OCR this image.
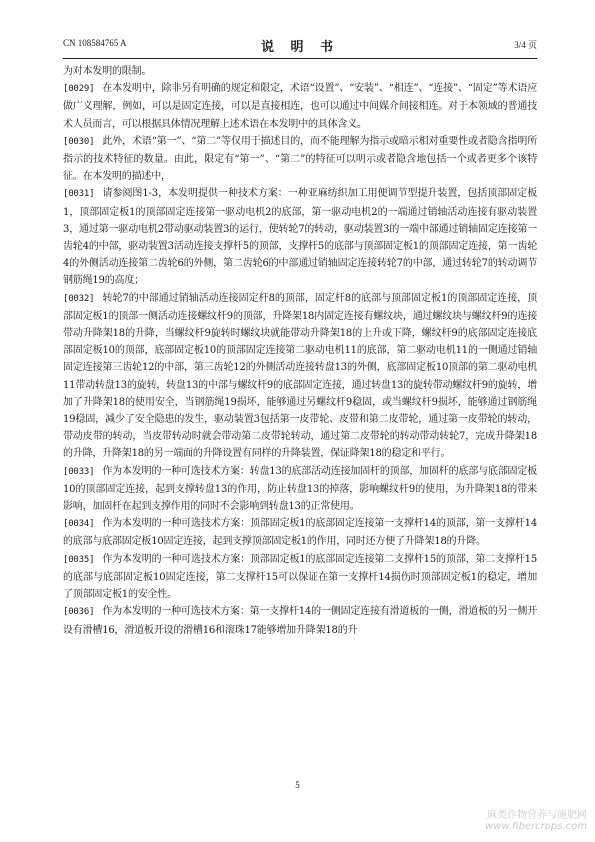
CN 108584765 A	说 明 书	3/4 页

为对本发明的限制。

[0029] 在本发明中，除非另有明确的规定和限定，术语“设置”、“安装”、“相连”、“连接”、“固定”等术语应做广义理解，例如，可以是固定连接，可以是直接相连，也可以通过中间媒介间接相连。对于本领域的普通技术人员而言，可以根据具体情况理解上述术语在本发明中的具体含义。

[0030] 此外，术语“第一”、“第二”等仅用于描述目的，而不能理解为指示或暗示相对重要性或者隐含指明所指示的技术特征的数量。由此，限定有“第一”、“第二”的特征可以明示或者隐含地包括一个或者更多个该特征。在本发明的描述中，

[0031] 请参阅图1-3，本发明提供一种技术方案：一种亚麻纺织加工用便调节型提升装置，包括顶部固定板1，顶部固定板1的顶部固定连接第一驱动电机2的底部，第一驱动电机2的一端通过销轴活动连接有驱动装置3，通过第一驱动电机2带动驱动装置3的运行，使转轮7的转动，驱动装置3的一端中部通过销轴固定连接第一齿轮4的中部，驱动装置3活动连接支撑杆5的顶部，支撑杆5的底部与顶部固定板1的顶部固定连接，第一齿轮4的外侧活动连接第二齿轮6的外侧，第二齿轮6的中部通过销轴固定连接转轮7的中部，通过转轮7的转动调节钢筋绳19的高度；

[0032] 转轮7的中部通过销轴活动连接固定杆8的顶部，固定杆8的底部与顶部固定板1的顶部固定连接，顶部固定板1的顶部一侧活动连接螺纹杆9的顶部，升降架18内固定连接有螺纹块，通过螺纹块与螺纹杆9的连接带动升降架18的升降，当螺纹杆9旋转时螺纹块就能带动升降架18的上升或下降，螺纹杆9的底部固定连接底部固定板10的顶部，底部固定板10的顶部固定连接第二驱动电机11的底部，第二驱动电机11的一侧通过销轴固定连接第三齿轮12的中部，第三齿轮12的外侧活动连接转盘13的外侧，底部固定板10顶部的第二驱动电机11带动转盘13的旋转，转盘13的中部与螺纹杆9的底部固定连接，通过转盘13的旋转带动螺纹杆9的旋转，增加了升降架18的使用安全，当钢筋绳19损坏，能够通过另螺纹杆9稳固，或当螺纹杆9损坏，能够通过钢筋绳19稳固，减少了安全隐患的发生，驱动装置3包括第一皮带轮、皮带和第二皮带轮，通过第一皮带轮的转动，带动皮带的转动，当皮带转动时就会带动第二皮带轮转动，通过第二皮带轮的转动带动转轮7，完成升降架18的升降，升降架18的另一端面的升降设置有同样的升降装置，保证降架18的稳定和平行。

[0033] 作为本发明的一种可选技术方案：转盘13的底部活动连接加固杆的顶部，加固杆的底部与底部固定板10的顶部固定连接，起到支撑转盘13的作用，防止转盘13的掉落，影响螺纹杆9的使用，为升降架18的带来影响，加固杆在起到支撑作用的同时不会影响到转盘13的正常使用。

[0034] 作为本发明的一种可选技术方案：顶部固定板1的底部固定连接第一支撑杆14的顶部，第一支撑杆14的底部与底部固定板10固定连接，起到支撑顶部固定板1的作用，同时还方便了升降架18的升降。

[0035] 作为本发明的一种可选技术方案：顶部固定板1的底部固定连接第二支撑杆15的顶部，第二支撑杆15的底部与底部固定板10固定连接，第二支撑杆15可以保证在第一支撑杆14损伤时顶部固定板1的稳定，增加了顶部固定板1的安全性。

[0036] 作为本发明的一种可选技术方案：第一支撑杆14的一侧固定连接有滑道板的一侧，滑道板的另一侧开设有滑槽16，滑道板开设的滑槽16和滚珠17能够增加升降架18的升

5
麻类作物营养与施肥网
www.fibercrops.com
